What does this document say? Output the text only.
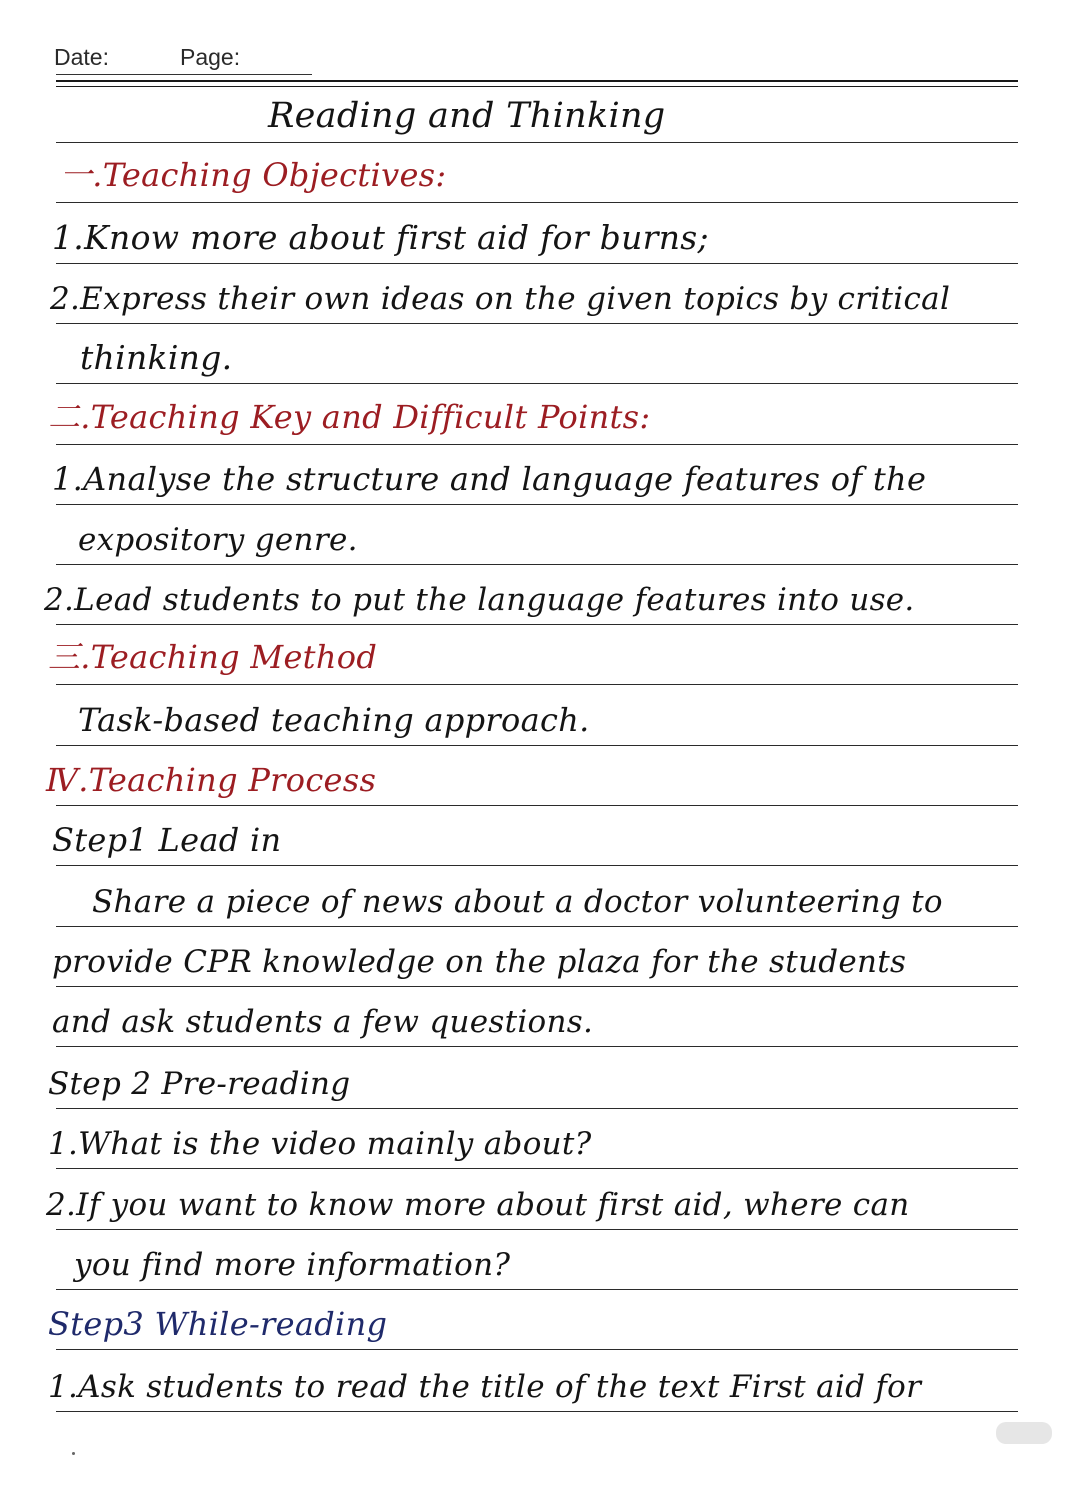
Date:	Page:
Reading and Thinking
一.Teaching Objectives:
1.Know more about first aid for burns;
2.Express their own ideas on the given topics by critical
thinking.
二.Teaching Key and Difficult Points:
1.Analyse the structure and language features of the
expository genre.
2.Lead students to put the language features into use.
三.Teaching Method
Task-based teaching approach.
Ⅳ.Teaching Process
Step1 Lead in
Share a piece of news about a doctor volunteering to
provide CPR knowledge on the plaza for the students
and ask students a few questions.
Step 2 Pre-reading
1.What is the video mainly about?
2.If you want to know more about first aid, where can
you find more information?
Step3 While-reading
1.Ask students to read the title of the text First aid for
